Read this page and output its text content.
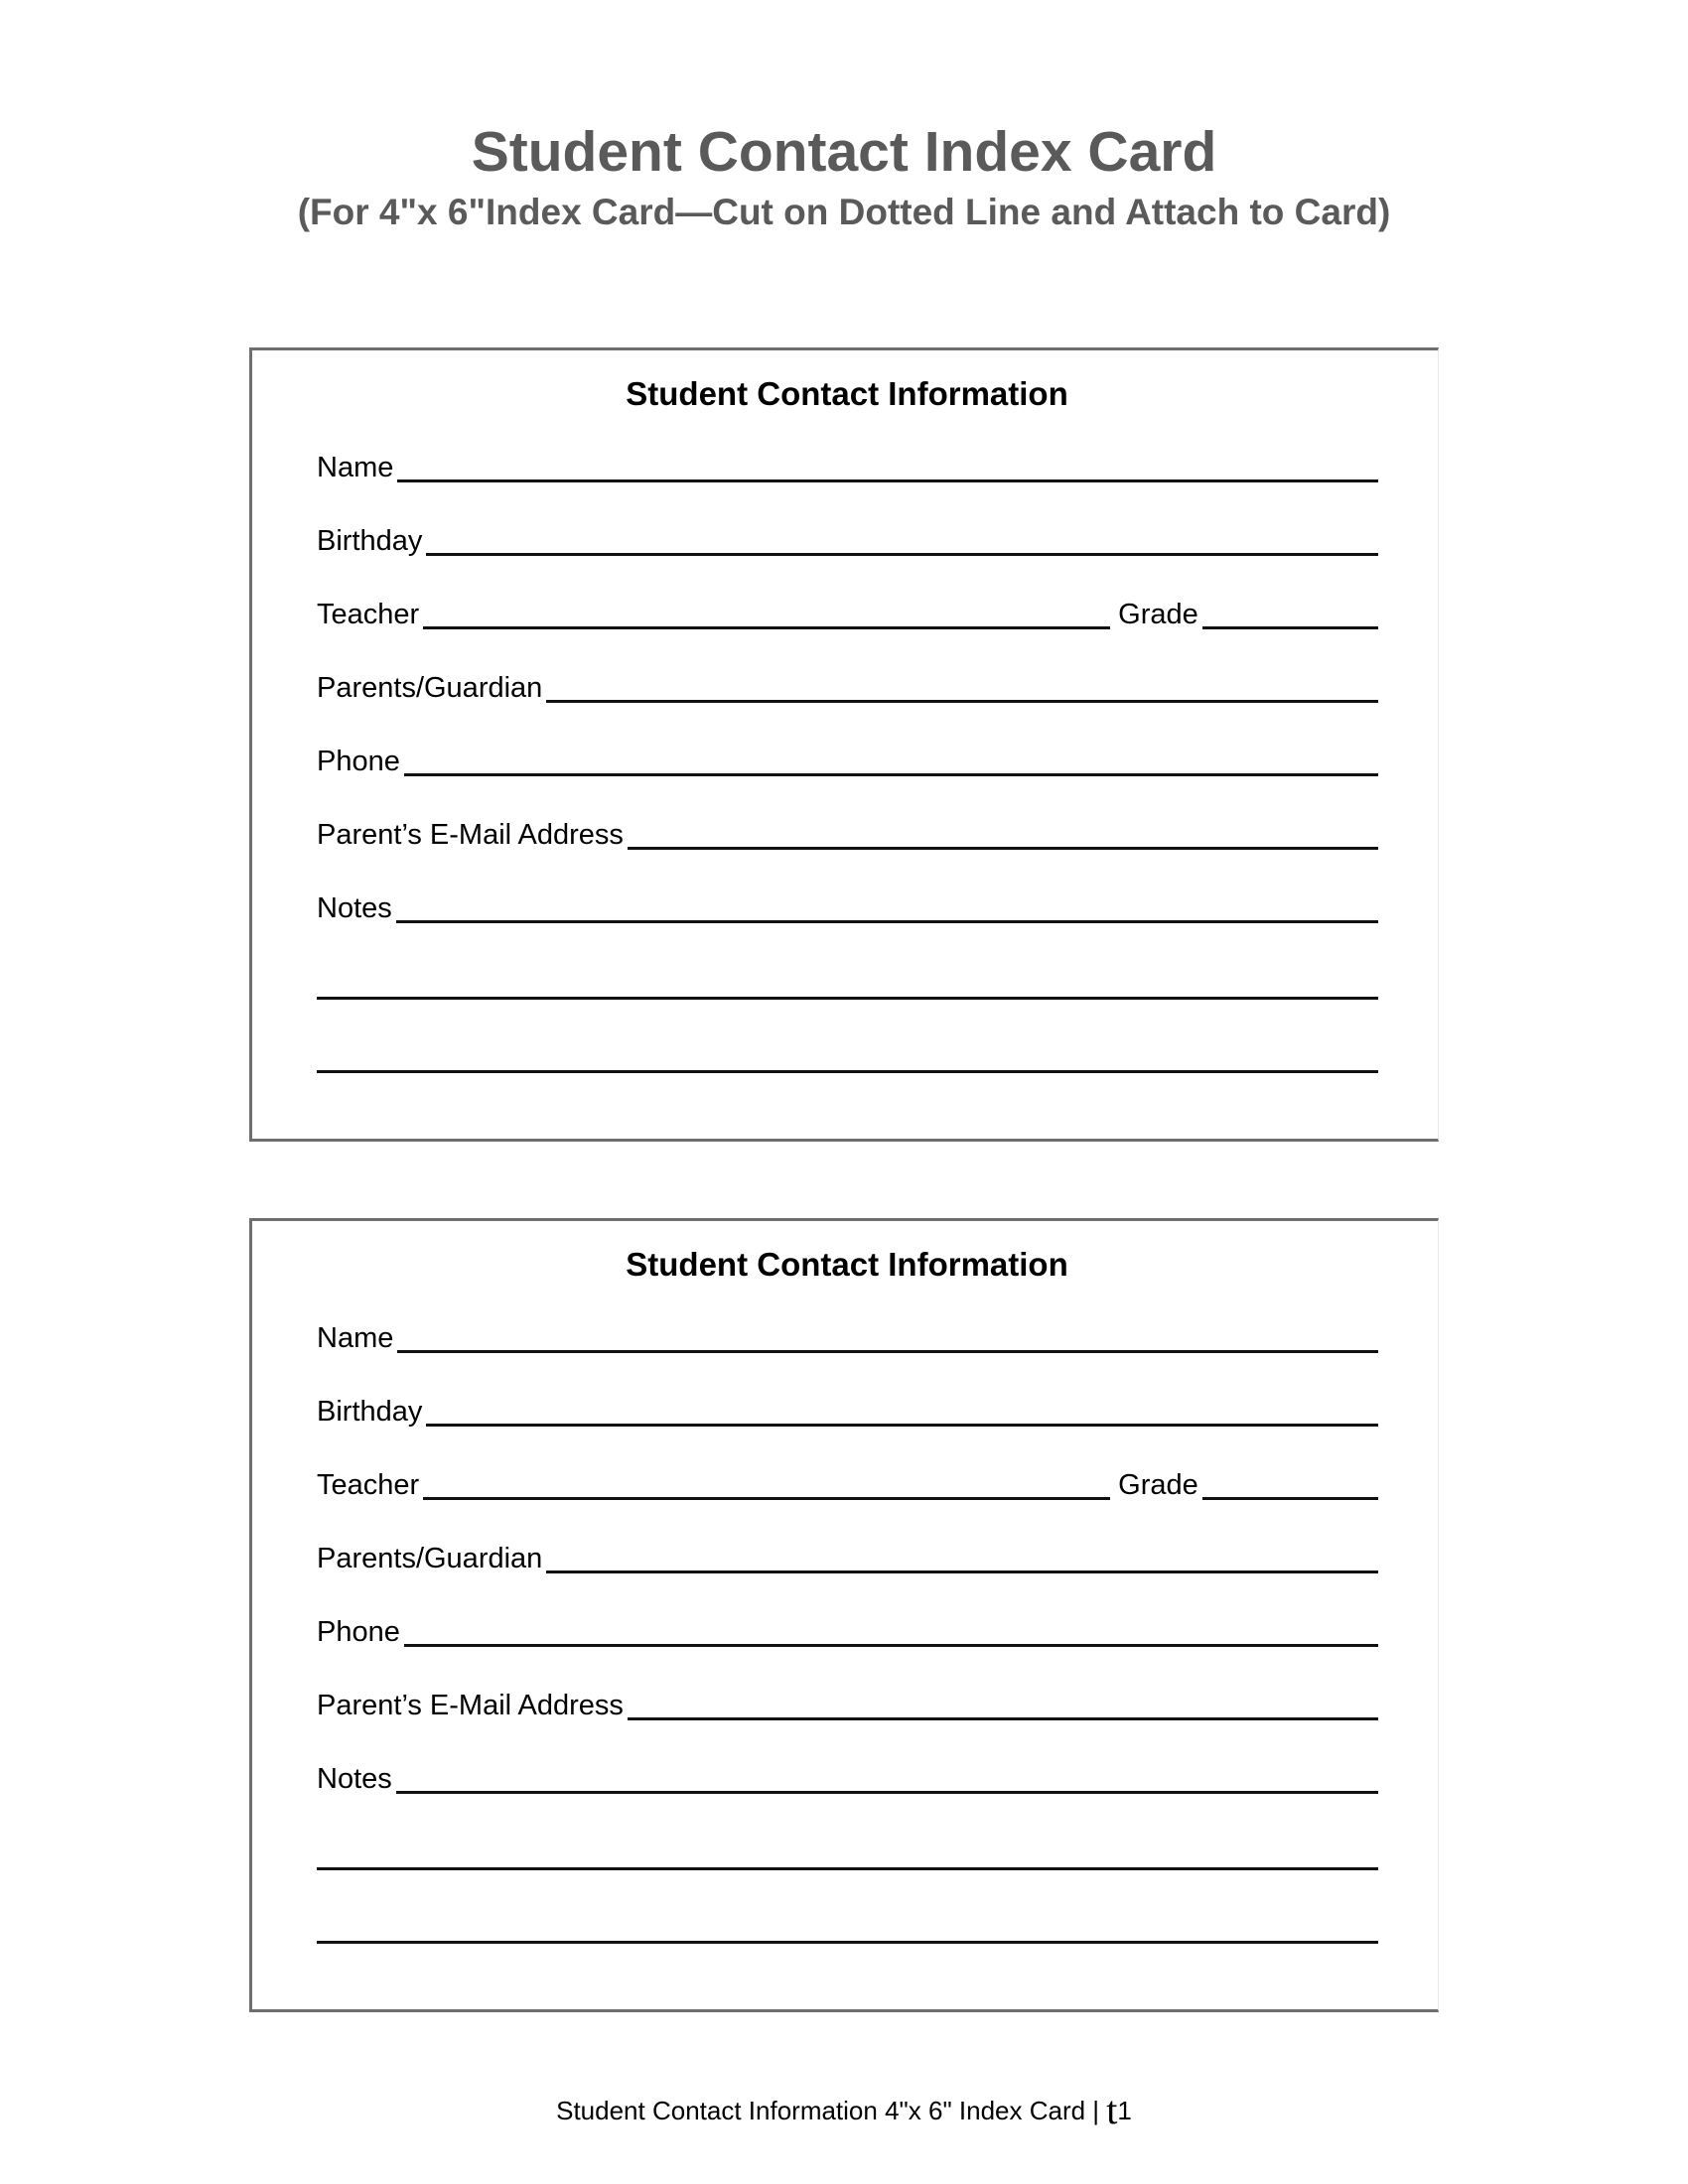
Student Contact Index Card
(For 4"x 6"Index Card—Cut on Dotted Line and Attach to Card)
Student Contact Information
Name
Birthday
Teacher	Grade
Parents/Guardian
Phone
Parent’s E-Mail Address
Notes
Student Contact Information
Name
Birthday
Teacher	Grade
Parents/Guardian
Phone
Parent’s E-Mail Address
Notes
Student Contact Information 4"x 6" Index Card | t1
